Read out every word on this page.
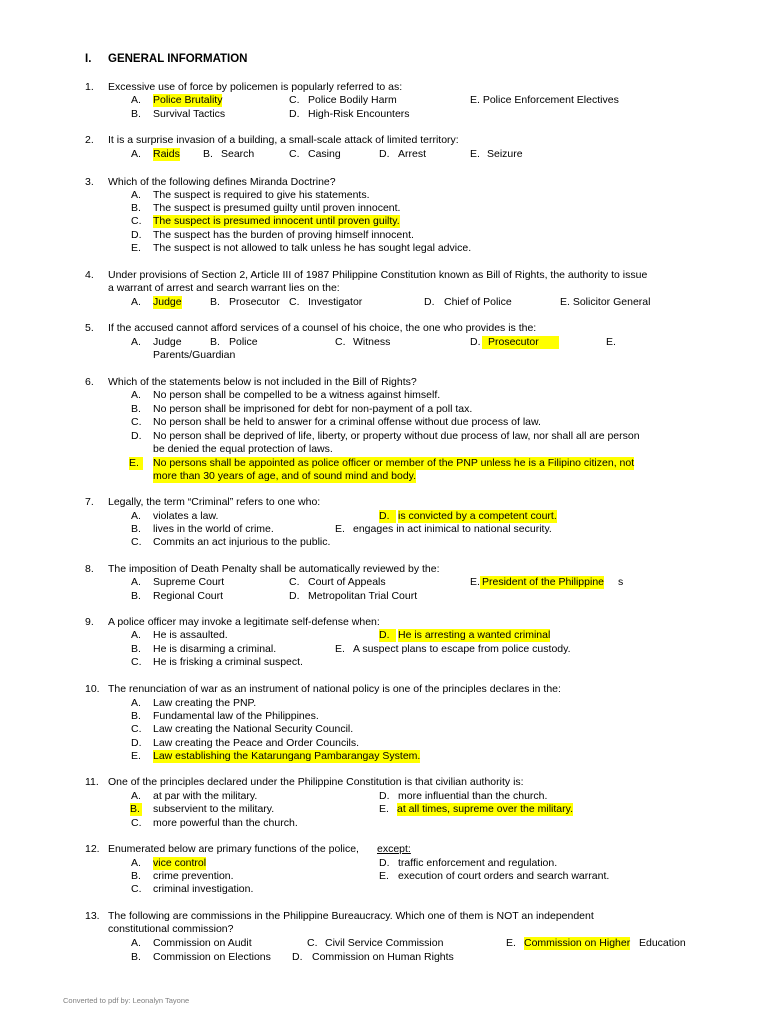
I. GENERAL INFORMATION
1. Excessive use of force by policemen is popularly referred to as:
A. Police Brutality	C. Police Bodily Harm	E. Police Enforcement Electives
B. Survival Tactics	D. High-Risk Encounters
2. It is a surprise invasion of a building, a small-scale attack of limited territory:
A. Raids B. Search	C. Casing	D. Arrest	E. Seizure
3. Which of the following defines Miranda Doctrine?
A. The suspect is required to give his statements.
B. The suspect is presumed guilty until proven innocent.
C. The suspect is presumed innocent until proven guilty.
D. The suspect has the burden of proving himself innocent.
E. The suspect is not allowed to talk unless he has sought legal advice.
4. Under provisions of Section 2, Article III of 1987 Philippine Constitution known as Bill of Rights, the authority to issue
a warrant of arrest and search warrant lies on the:
A. Judge	B. Prosecutor C. Investigator	D. Chief of Police	E. Solicitor General
5. If the accused cannot afford services of a counsel of his choice, the one who provides is the:
A. Judge	B. Police	C. Witness	D. Prosecutor	E.
Parents/Guardian
6. Which of the statements below is not included in the Bill of Rights?
A. No person shall be compelled to be a witness against himself.
B. No person shall be imprisoned for debt for non-payment of a poll tax.
C. No person shall be held to answer for a criminal offense without due process of law.
D. No person shall be deprived of life, liberty, or property without due process of law, nor shall all are person
be denied the equal protection of laws.
E.	No persons shall be appointed as police officer or member of the PNP unless he is a Filipino citizen, not
more than 30 years of age, and of sound mind and body.
7. Legally, the term “Criminal” refers to one who:
A. violates a law.	D. is convicted by a competent court.
B. lives in the world of crime.	E. engages in act inimical to national security.
C. Commits an act injurious to the public.
8. The imposition of Death Penalty shall be automatically reviewed by the:
A. Supreme Court	C. Court of Appeals	E. President of the Philippine s
B. Regional Court	D. Metropolitan Trial Court
9. A police officer may invoke a legitimate self-defense when:
A. He is assaulted.	D. He is arresting a wanted criminal
B. He is disarming a criminal.	E. A suspect plans to escape from police custody.
C. He is frisking a criminal suspect.
10. The renunciation of war as an instrument of national policy is one of the principles declares in the:
A. Law creating the PNP.
B. Fundamental law of the Philippines.
C. Law creating the National Security Council.
D. Law creating the Peace and Order Councils.
E. Law establishing the Katarungang Pambarangay System.
11. One of the principles declared under the Philippine Constitution is that civilian authority is:
A. at par with the military.	D. more influential than the church.
B. subservient to the military.	E. at all times, supreme over the military.
C. more powerful than the church.
12. Enumerated below are primary functions of the police, except:
A. vice control	D. traffic enforcement and regulation.
B. crime prevention.	E. execution of court orders and search warrant.
C. criminal investigation.
13. The following are commissions in the Philippine Bureaucracy. Which one of them is NOT an independent
constitutional commission?
A. Commission on Audit	C. Civil Service Commission	E. Commission on Higher Education
B. Commission on Elections D. Commission on Human Rights
Converted to pdf by: Leonalyn Tayone
